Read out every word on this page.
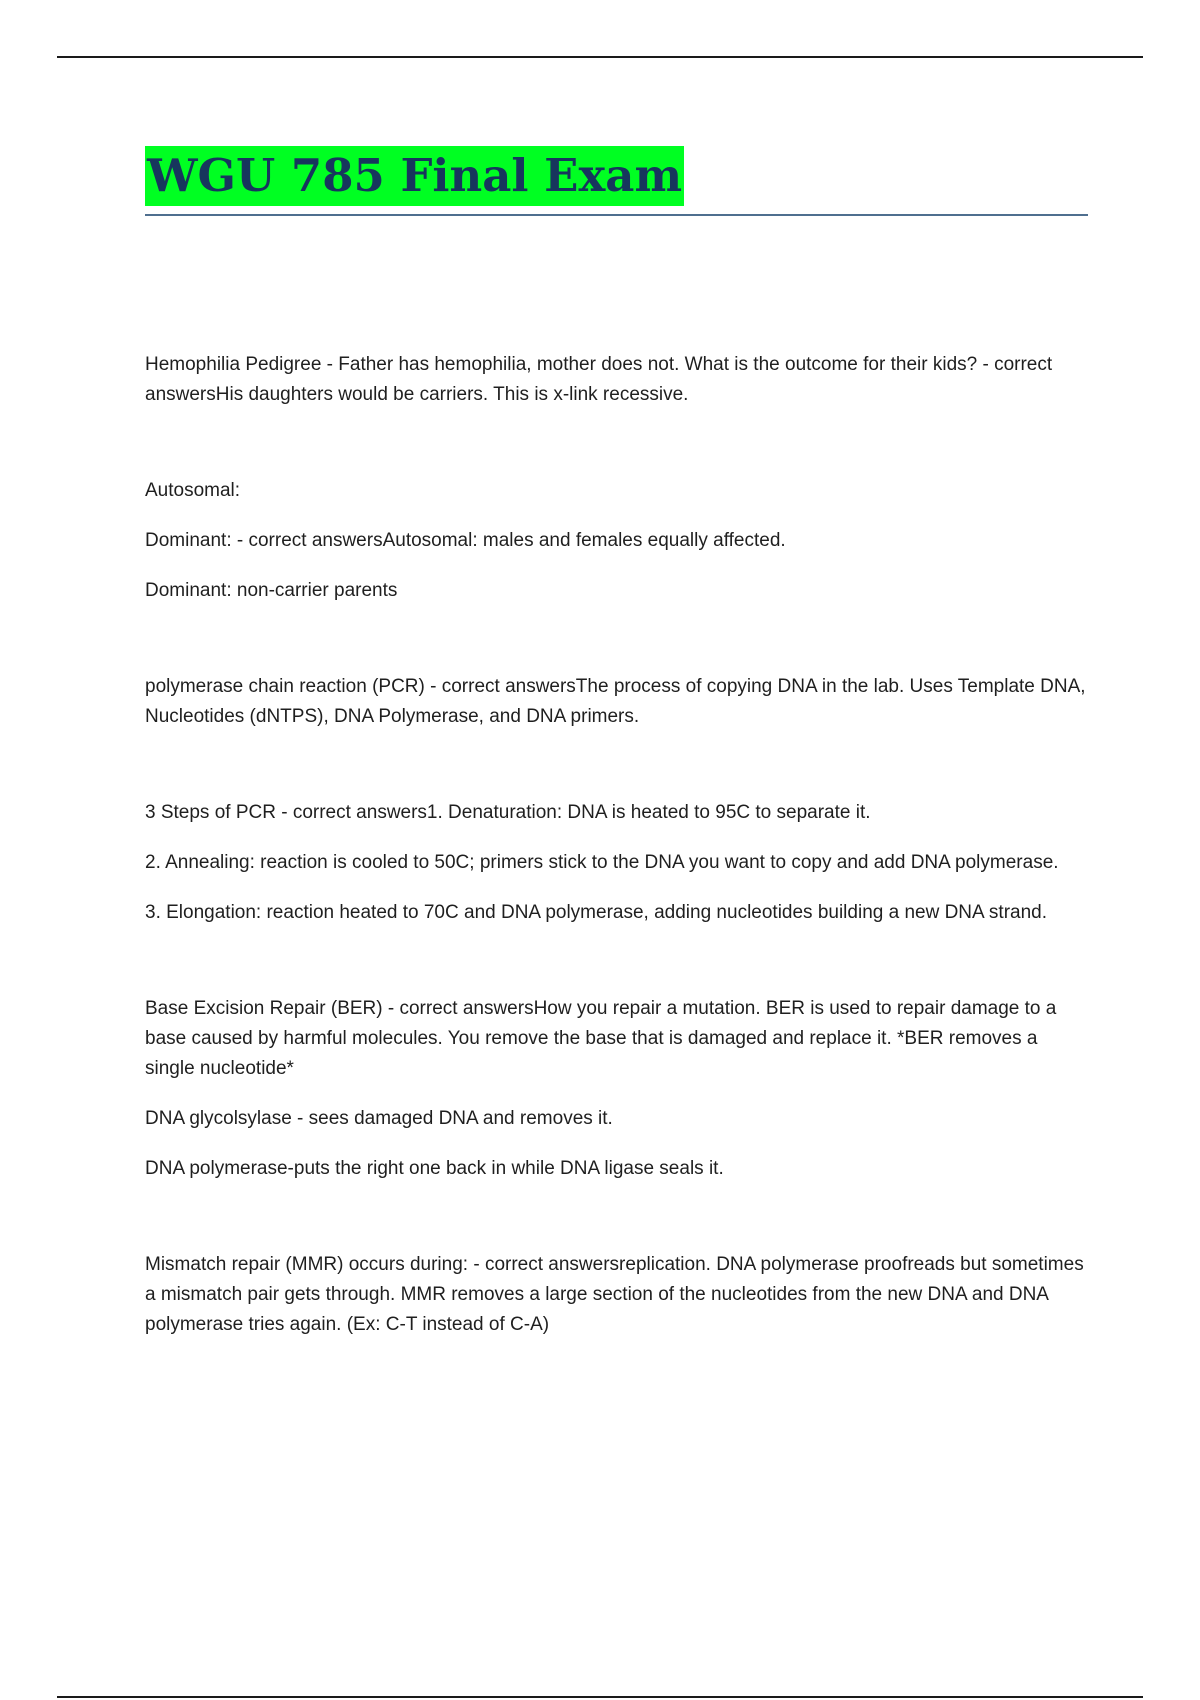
WGU 785 Final Exam

Hemophilia Pedigree - Father has hemophilia, mother does not. What is the outcome for their kids? - correct answersHis daughters would be carriers. This is x-link recessive.

Autosomal:

Dominant: - correct answersAutosomal: males and females equally affected.

Dominant: non-carrier parents

polymerase chain reaction (PCR) - correct answersThe process of copying DNA in the lab. Uses Template DNA, Nucleotides (dNTPS), DNA Polymerase, and DNA primers.

3 Steps of PCR - correct answers1. Denaturation: DNA is heated to 95C to separate it.

2. Annealing: reaction is cooled to 50C; primers stick to the DNA you want to copy and add DNA polymerase.

3. Elongation: reaction heated to 70C and DNA polymerase, adding nucleotides building a new DNA strand.

Base Excision Repair (BER) - correct answersHow you repair a mutation. BER is used to repair damage to a base caused by harmful molecules. You remove the base that is damaged and replace it. *BER removes a single nucleotide*

DNA glycolsylase - sees damaged DNA and removes it.

DNA polymerase-puts the right one back in while DNA ligase seals it.

Mismatch repair (MMR) occurs during: - correct answersreplication. DNA polymerase proofreads but sometimes a mismatch pair gets through. MMR removes a large section of the nucleotides from the new DNA and DNA polymerase tries again. (Ex: C-T instead of C-A)
